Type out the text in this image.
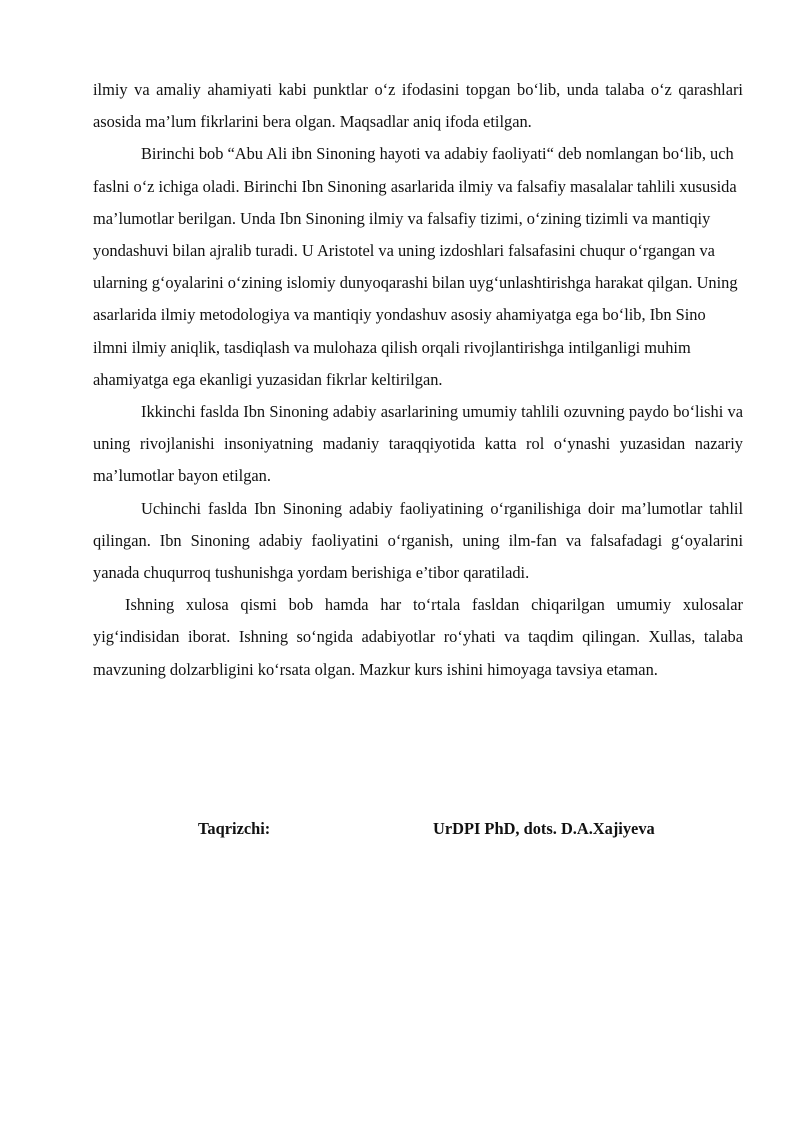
ilmiy va amaliy ahamiyati kabi punktlar o‘z ifodasini topgan bo‘lib, unda talaba o‘z qarashlari asosida ma’lum fikrlarini bera olgan. Maqsadlar aniq ifoda etilgan.

Birinchi bob “Abu Ali ibn Sinoning hayoti va adabiy faoliyati“ deb nomlangan bo‘lib, uch faslni o‘z ichiga oladi. Birinchi Ibn Sinoning asarlarida ilmiy va falsafiy masalalar tahlili xususida ma’lumotlar berilgan. Unda Ibn Sinoning ilmiy va falsafiy tizimi, o‘zining tizimli va mantiqiy yondashuvi bilan ajralib turadi. U Aristotel va uning izdoshlari falsafasini chuqur o‘rgangan va ularning g‘oyalarini o‘zining islomiy dunyoqarashi bilan uyg‘unlashtirishga harakat qilgan. Uning asarlarida ilmiy metodologiya va mantiqiy yondashuv asosiy ahamiyatga ega bo‘lib, Ibn Sino ilmni ilmiy aniqlik, tasdiqlash va mulohaza qilish orqali rivojlantirishga intilganligi muhim ahamiyatga ega ekanligi yuzasidan fikrlar keltirilgan.

Ikkinchi faslda Ibn Sinoning adabiy asarlarining umumiy tahlili ozuvning paydo bo‘lishi va uning rivojlanishi insoniyatning madaniy taraqqiyotida katta rol o‘ynashi yuzasidan nazariy ma’lumotlar bayon etilgan.

Uchinchi faslda Ibn Sinoning adabiy faoliyatining o‘rganilishiga doir ma’lumotlar tahlil qilingan. Ibn Sinoning adabiy faoliyatini o‘rganish, uning ilm-fan va falsafadagi g‘oyalarini yanada chuqurroq tushunishga yordam berishiga e’tibor qaratiladi.

Ishning xulosa qismi bob hamda har to‘rtala fasldan chiqarilgan umumiy xulosalar yig‘indisidan iborat. Ishning so‘ngida adabiyotlar ro‘yhati va taqdim qilingan. Xullas, talaba mavzuning dolzarbligini ko‘rsata olgan. Mazkur kurs ishini himoyaga tavsiya etaman.

Taqrizchi:	UrDPI PhD, dots. D.A.Xajiyeva
